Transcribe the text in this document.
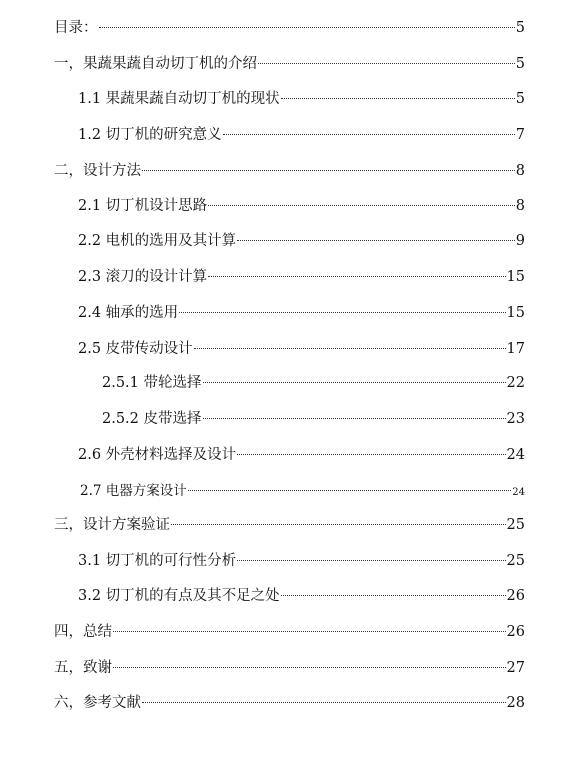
目录：	5
一，果蔬果蔬自动切丁机的介绍	5
1.1 果蔬果蔬自动切丁机的现状	5
1.2 切丁机的研究意义	7
二，设计方法	8
2.1 切丁机设计思路	8
2.2 电机的选用及其计算	9
2.3 滚刀的设计计算	15
2.4 轴承的选用	15
2.5 皮带传动设计	17
2.5.1 带轮选择	22
2.5.2 皮带选择	23
2.6 外壳材料选择及设计	24
2.7 电器方案设计	24
三，设计方案验证	25
3.1 切丁机的可行性分析	25
3.2 切丁机的有点及其不足之处	26
四，总结	26
五，致谢	27
六，参考文献	28
